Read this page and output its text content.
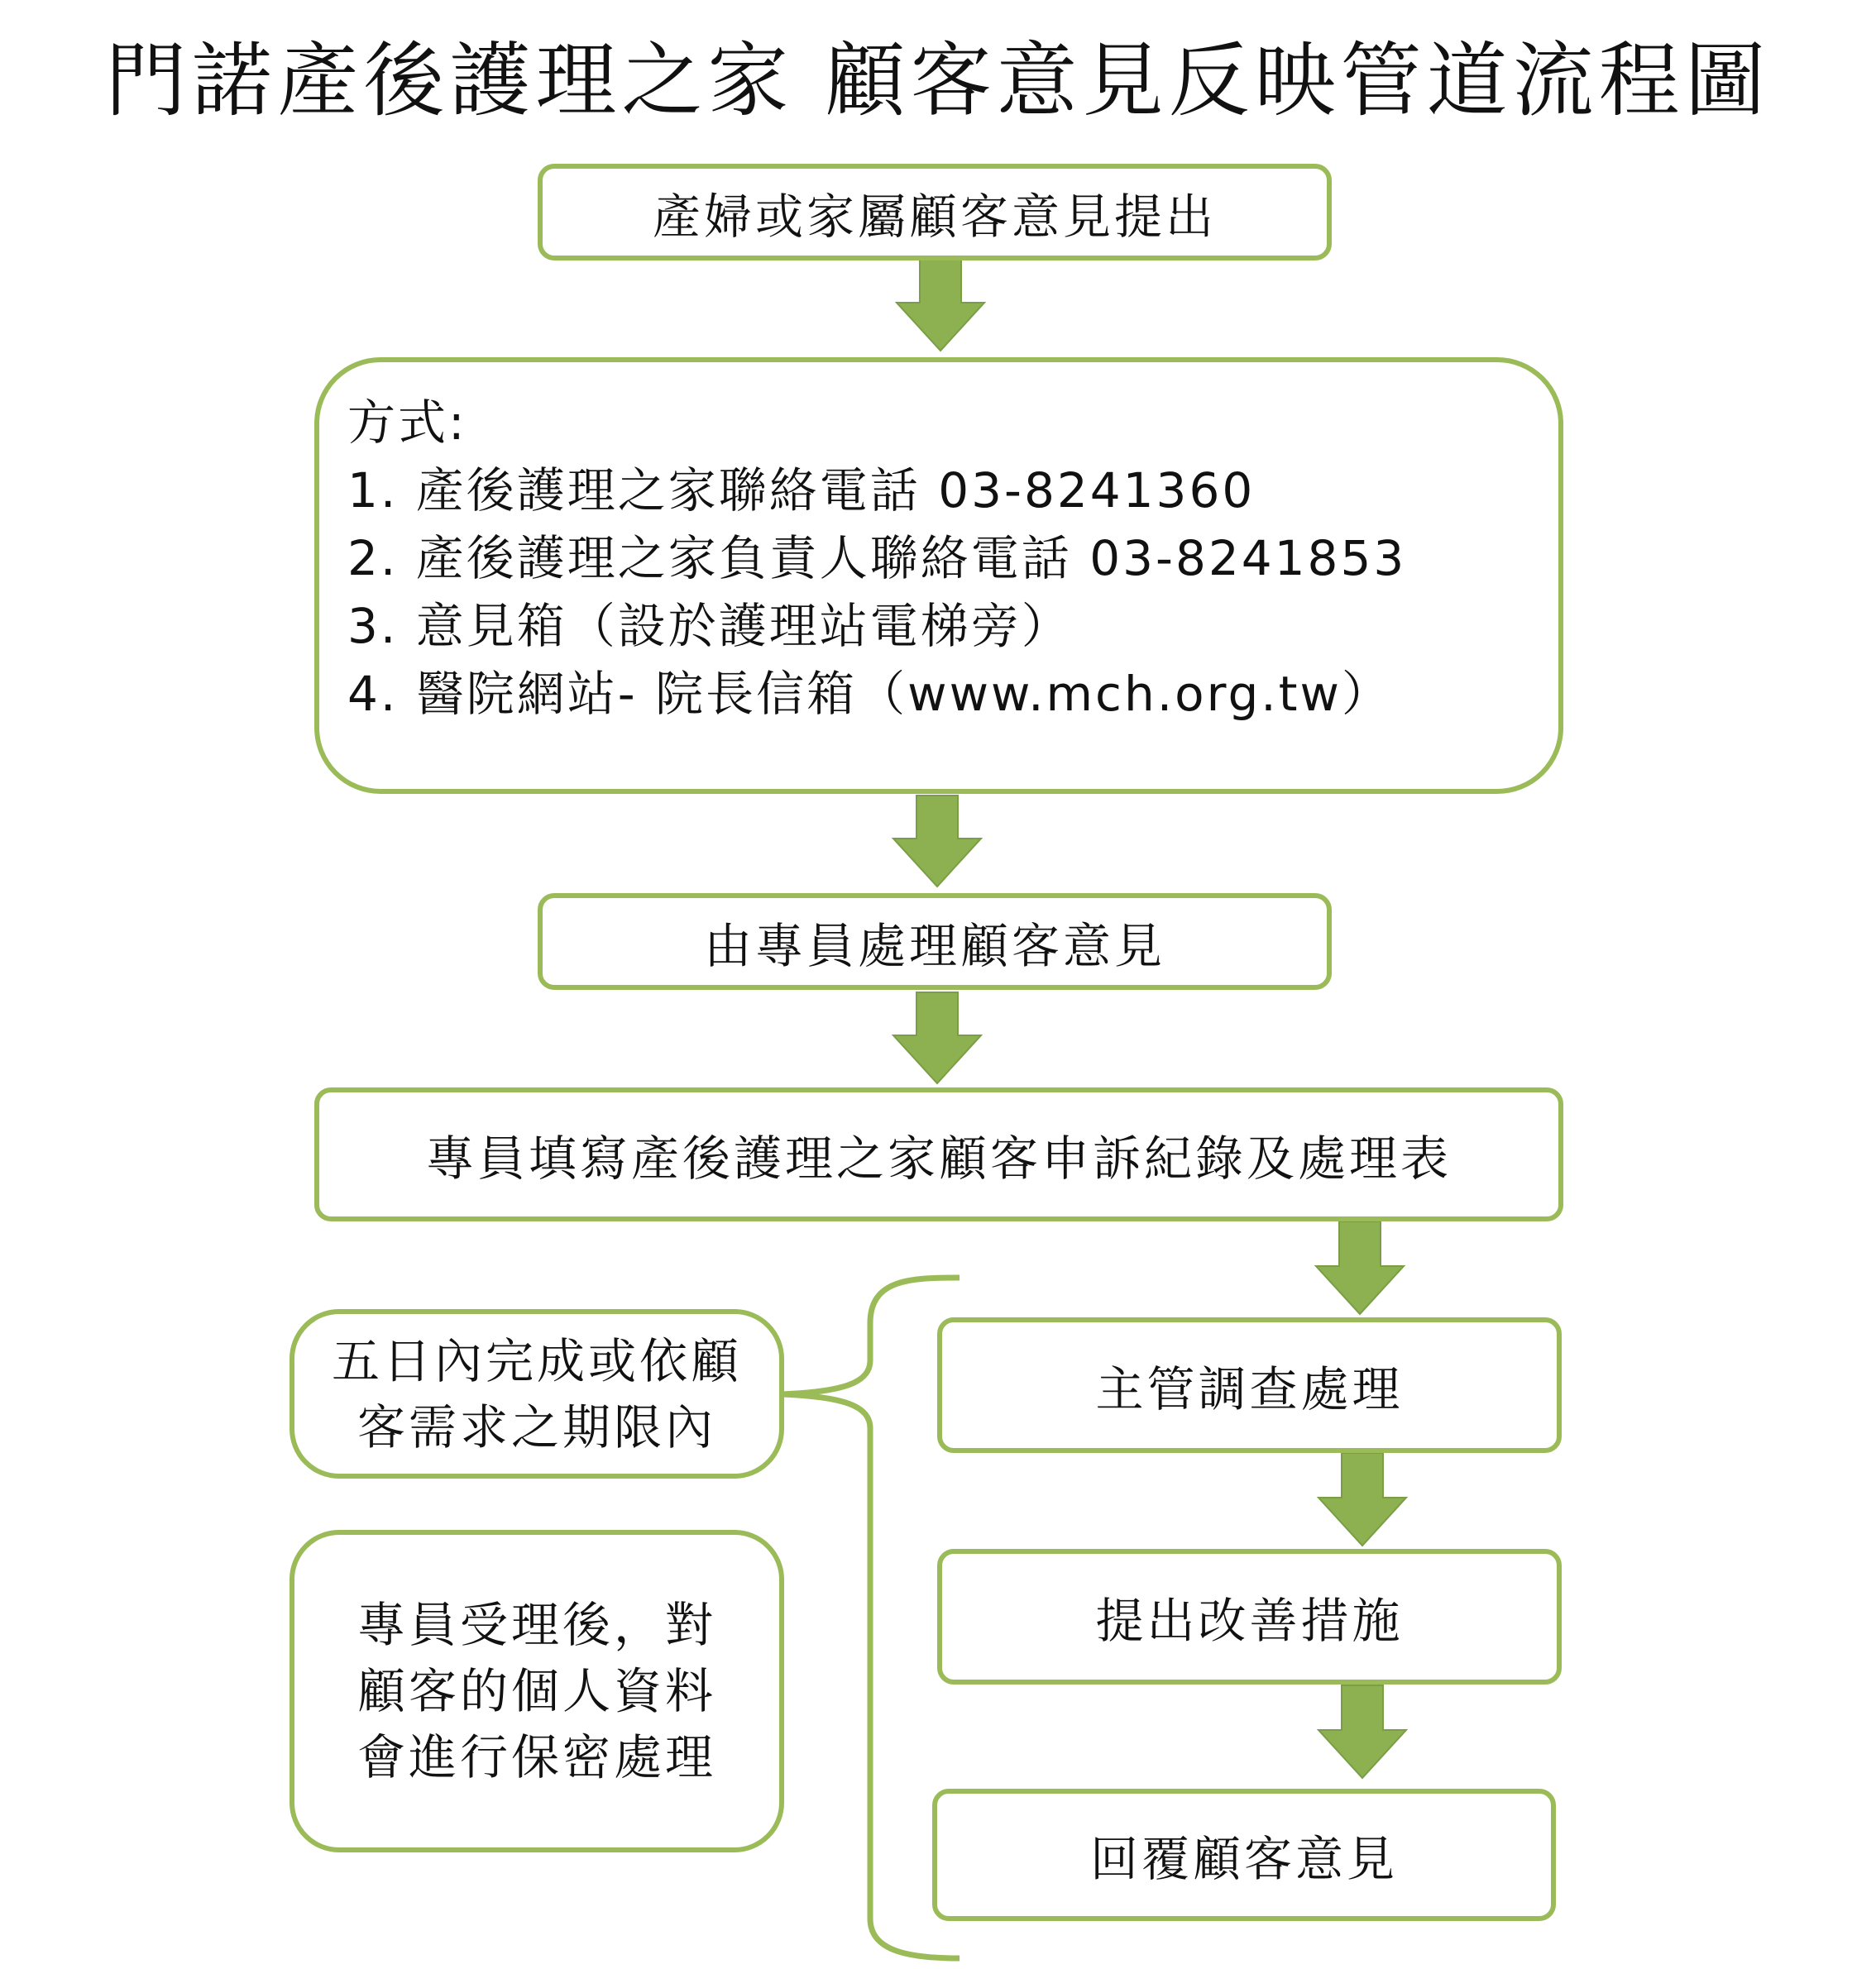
門諾產後護理之家 顧客意見反映管道流程圖
產婦或家屬顧客意見提出
方式:
1. 產後護理之家聯絡電話 03-8241360
2. 產後護理之家負責人聯絡電話 03-8241853
3. 意見箱（設於護理站電梯旁）
4. 醫院網站- 院長信箱（www.mch.org.tw）
由專員處理顧客意見
專員填寫產後護理之家顧客申訴紀錄及處理表
五日內完成或依顧
客需求之期限內
專員受理後，對
顧客的個人資料
會進行保密處理
主管調查處理
提出改善措施
回覆顧客意見
